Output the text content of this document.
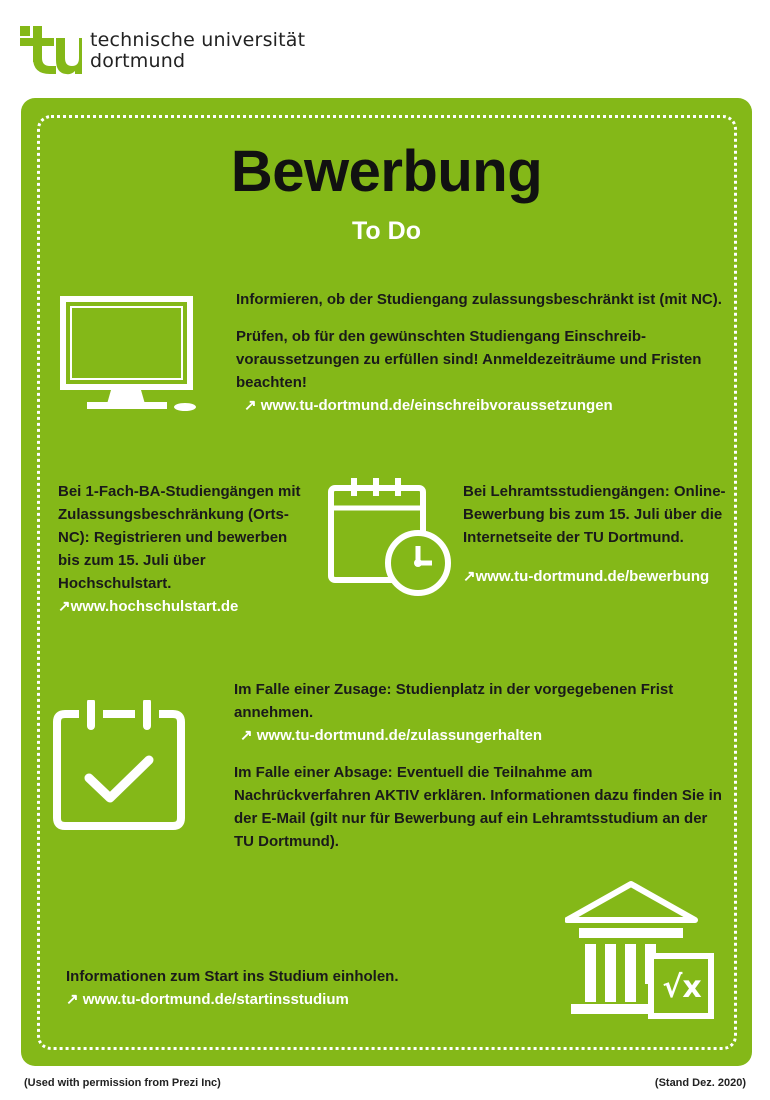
technische universität
dortmund
Bewerbung
To Do
Informieren, ob der Studiengang zulassungsbeschränkt ist (mit NC).
Prüfen, ob für den gewünschten Studiengang Einschreibvoraussetzungen zu erfüllen sind! Anmeldezeiträume und Fristen beachten!
↗ www.tu-dortmund.de/einschreibvoraussetzungen
Bei 1-Fach-BA-Studiengängen mit Zulassungsbeschränkung (Orts-NC): Registrieren und bewerben bis zum 15. Juli über Hochschulstart.
↗www.hochschulstart.de
Bei Lehramtsstudiengängen: Online-Bewerbung bis zum 15. Juli über die Internetseite der TU Dortmund.
↗www.tu-dortmund.de/bewerbung
Im Falle einer Zusage: Studienplatz in der vorgegebenen Frist annehmen.
↗ www.tu-dortmund.de/zulassungerhalten
Im Falle einer Absage: Eventuell die Teilnahme am Nachrückverfahren AKTIV erklären. Informationen dazu finden Sie in der E-Mail (gilt nur für Bewerbung auf ein Lehramtsstudium an der TU Dortmund).
Informationen zum Start ins Studium einholen.
↗ www.tu-dortmund.de/startinsstudium	√x
(Used with permission from Prezi Inc)	(Stand Dez. 2020)
